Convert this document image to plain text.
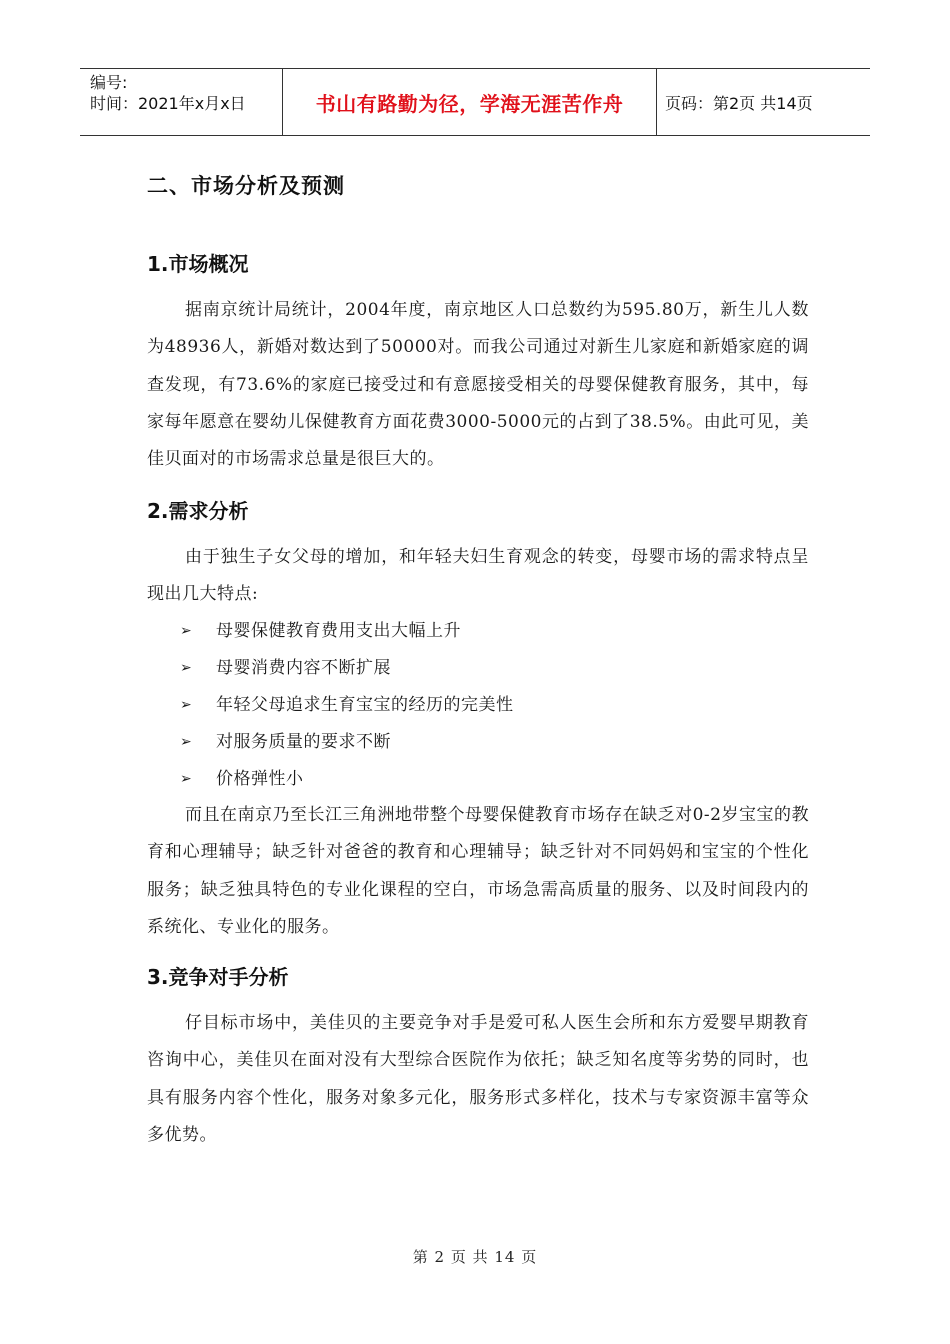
编号:
时间：2021年x月x日	书山有路勤为径，学海无涯苦作舟	页码：第2页 共14页
二、市场分析及预测
1.市场概况

据南京统计局统计，2004年度，南京地区人口总数约为595.80万，新生儿人数为48936人，新婚对数达到了50000对。而我公司通过对新生儿家庭和新婚家庭的调查发现，有73.6%的家庭已接受过和有意愿接受相关的母婴保健教育服务，其中，每家每年愿意在婴幼儿保健教育方面花费3000-5000元的占到了38.5%。由此可见，美佳贝面对的市场需求总量是很巨大的。

2.需求分析

由于独生子女父母的增加，和年轻夫妇生育观念的转变，母婴市场的需求特点呈现出几大特点:

➢	母婴保健教育费用支出大幅上升
➢	母婴消费内容不断扩展
➢	年轻父母追求生育宝宝的经历的完美性
➢	对服务质量的要求不断
➢	价格弹性小

而且在南京乃至长江三角洲地带整个母婴保健教育市场存在缺乏对0-2岁宝宝的教育和心理辅导；缺乏针对爸爸的教育和心理辅导；缺乏针对不同妈妈和宝宝的个性化服务；缺乏独具特色的专业化课程的空白，市场急需高质量的服务、以及时间段内的系统化、专业化的服务。

3.竞争对手分析

仔目标市场中，美佳贝的主要竞争对手是爱可私人医生会所和东方爱婴早期教育咨询中心，美佳贝在面对没有大型综合医院作为依托；缺乏知名度等劣势的同时，也具有服务内容个性化，服务对象多元化，服务形式多样化，技术与专家资源丰富等众多优势。

第 2 页 共 14 页
